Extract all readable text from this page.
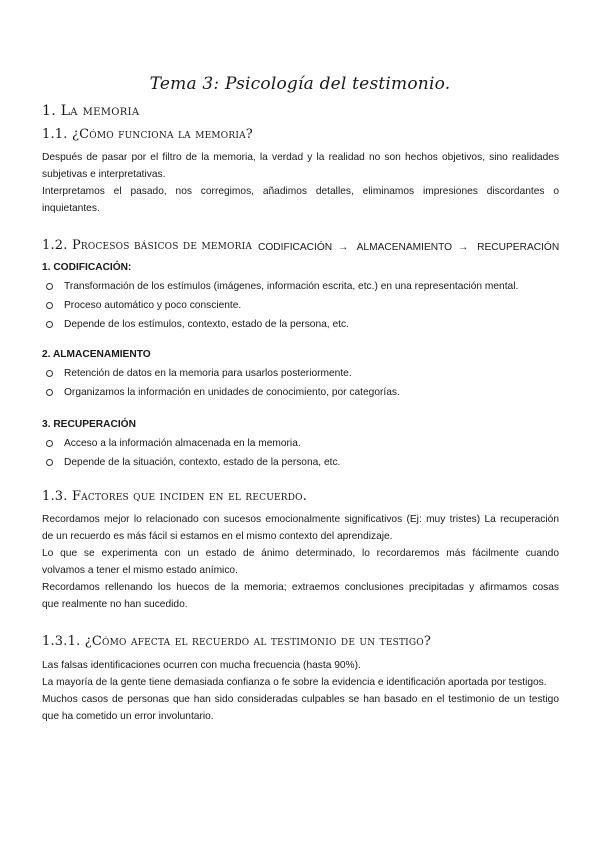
Tema 3: Psicología del testimonio.
1. La memoria
1.1. ¿Cómo funciona la memoria?
Después de pasar por el filtro de la memoria, la verdad y la realidad no son hechos objetivos, sino realidades
subjetivas e interpretativas.
Interpretamos el pasado, nos corregimos, añadimos detalles, eliminamos impresiones discordantes o
inquietantes.
1.2. Procesos básicos de memoria CODIFICACIÓN → ALMACENAMIENTO → RECUPERACIÓN
1. CODIFICACIÓN:
Transformación de los estímulos (imágenes, información escrita, etc.) en una representación mental.
Proceso automático y poco consciente.
Depende de los estímulos, contexto, estado de la persona, etc.
2. ALMACENAMIENTO
Retención de datos en la memoria para usarlos posteriormente.
Organizamos la información en unidades de conocimiento, por categorías.
3. RECUPERACIÓN
Acceso a la información almacenada en la memoria.
Depende de la situación, contexto, estado de la persona, etc.
1.3. Factores que inciden en el recuerdo.
Recordamos mejor lo relacionado con sucesos emocionalmente significativos (Ej: muy tristes) La recuperación
de un recuerdo es más fácil si estamos en el mismo contexto del aprendizaje.
Lo que se experimenta con un estado de ánimo determinado, lo recordaremos más fácilmente cuando
volvamos a tener el mismo estado anímico.
Recordamos rellenando los huecos de la memoria; extraemos conclusiones precipitadas y afirmamos cosas
que realmente no han sucedido.
1.3.1. ¿Cómo afecta el recuerdo al testimonio de un testigo?
Las falsas identificaciones ocurren con mucha frecuencia (hasta 90%).
La mayoría de la gente tiene demasiada confianza o fe sobre la evidencia e identificación aportada por testigos.
Muchos casos de personas que han sido consideradas culpables se han basado en el testimonio de un testigo
que ha cometido un error involuntario.
